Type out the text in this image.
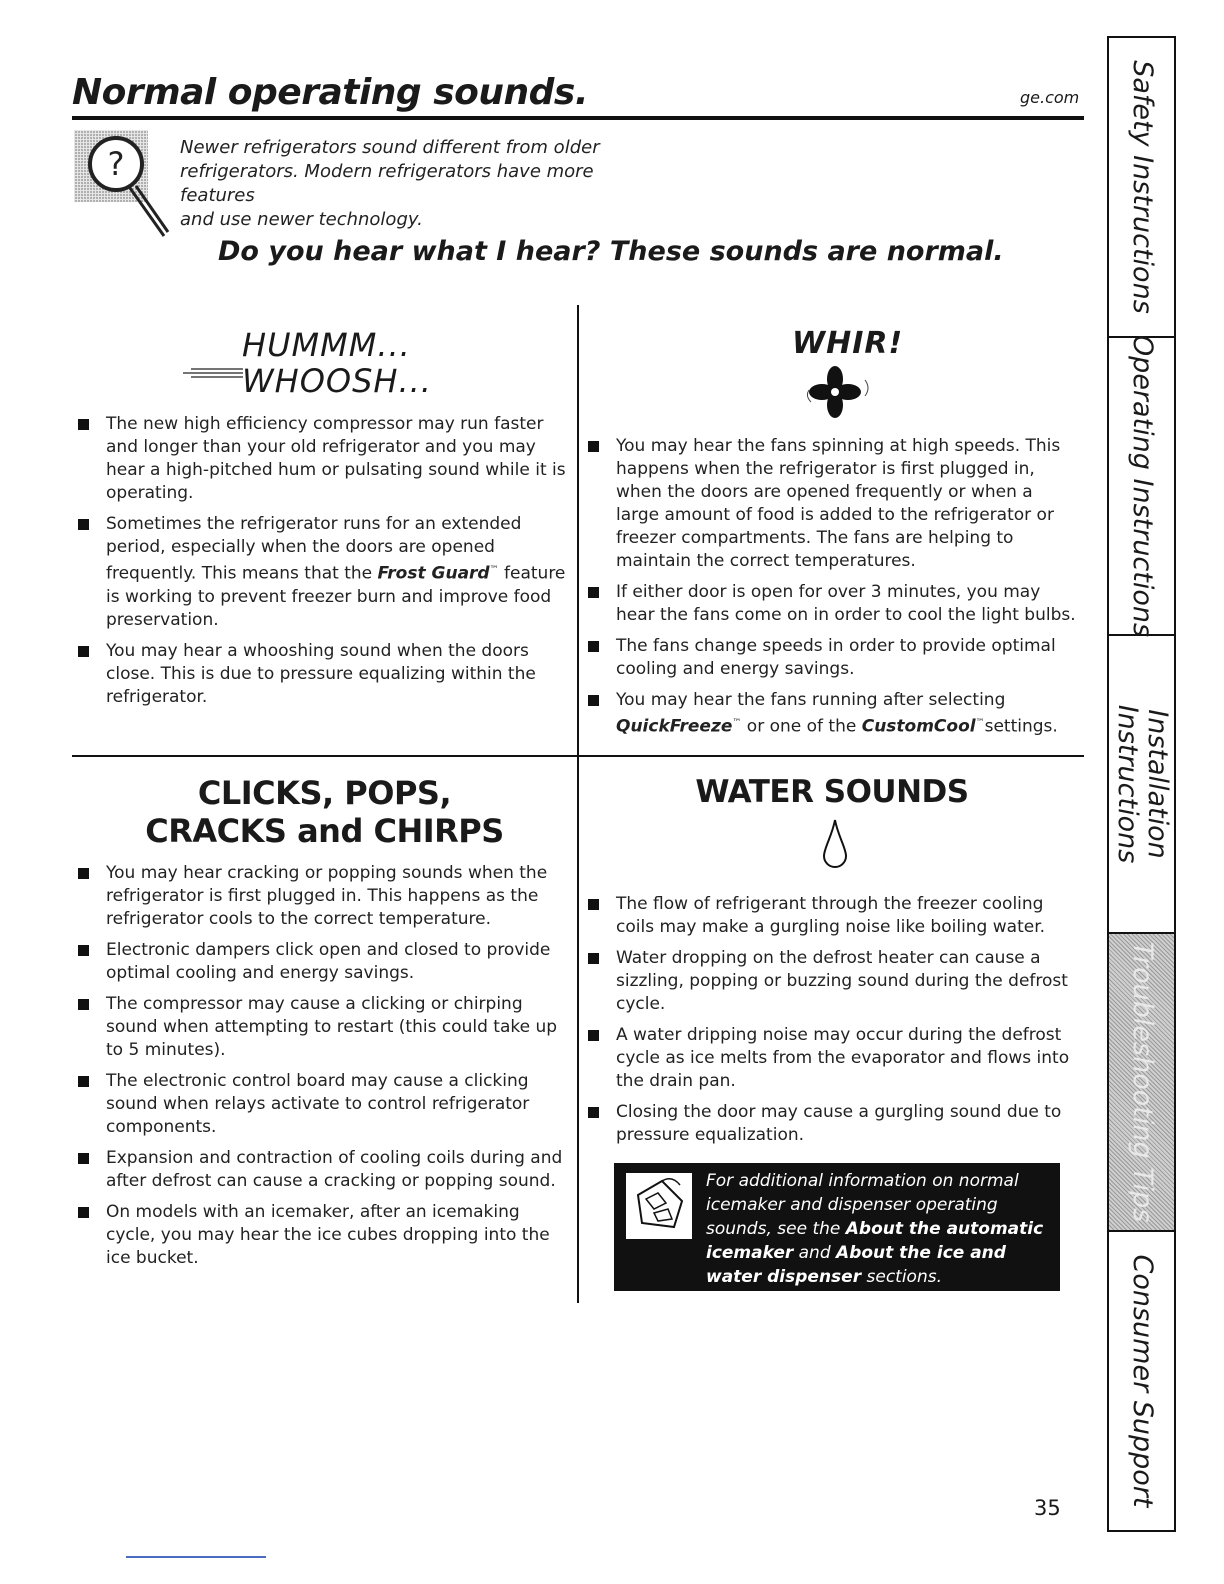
Normal operating sounds.	ge.com
?	Newer refrigerators sound different from older
refrigerators. Modern refrigerators have more features
and use newer technology.
Do you hear what I hear? These sounds are normal.
HUMMM...
WHOOSH...
The new high efficiency compressor may run faster and longer than your old refrigerator and you may hear a high-pitched hum or pulsating sound while it is operating.
Sometimes the refrigerator runs for an extended period, especially when the doors are opened frequently. This means that the Frost Guard™ feature is working to prevent freezer burn and improve food preservation.
You may hear a whooshing sound when the doors close. This is due to pressure equalizing within the refrigerator.
WHIR!
You may hear the fans spinning at high speeds. This happens when the refrigerator is first plugged in, when the doors are opened frequently or when a large amount of food is added to the refrigerator or freezer compartments. The fans are helping to maintain the correct temperatures.
If either door is open for over 3 minutes, you may hear the fans come on in order to cool the light bulbs.
The fans change speeds in order to provide optimal cooling and energy savings.
You may hear the fans running after selecting QuickFreeze™ or one of the CustomCool™settings.
CLICKS, POPS,
CRACKS and CHIRPS
You may hear cracking or popping sounds when the refrigerator is first plugged in. This happens as the refrigerator cools to the correct temperature.
Electronic dampers click open and closed to provide optimal cooling and energy savings.
The compressor may cause a clicking or chirping sound when attempting to restart (this could take up to 5 minutes).
The electronic control board may cause a clicking sound when relays activate to control refrigerator components.
Expansion and contraction of cooling coils during and after defrost can cause a cracking or popping sound.
On models with an icemaker, after an icemaking cycle, you may hear the ice cubes dropping into the ice bucket.
WATER SOUNDS
The flow of refrigerant through the freezer cooling coils may make a gurgling noise like boiling water.
Water dropping on the defrost heater can cause a sizzling, popping or buzzing sound during the defrost cycle.
A water dripping noise may occur during the defrost cycle as ice melts from the evaporator and flows into the drain pan.
Closing the door may cause a gurgling sound due to pressure equalization.
For additional information on normal icemaker and dispenser operating sounds, see the About the automatic icemaker and About the ice and water dispenser sections.
Safety Instructions
Operating Instructions
Installation
Instructions
Troubleshooting Tips
Consumer Support
35
